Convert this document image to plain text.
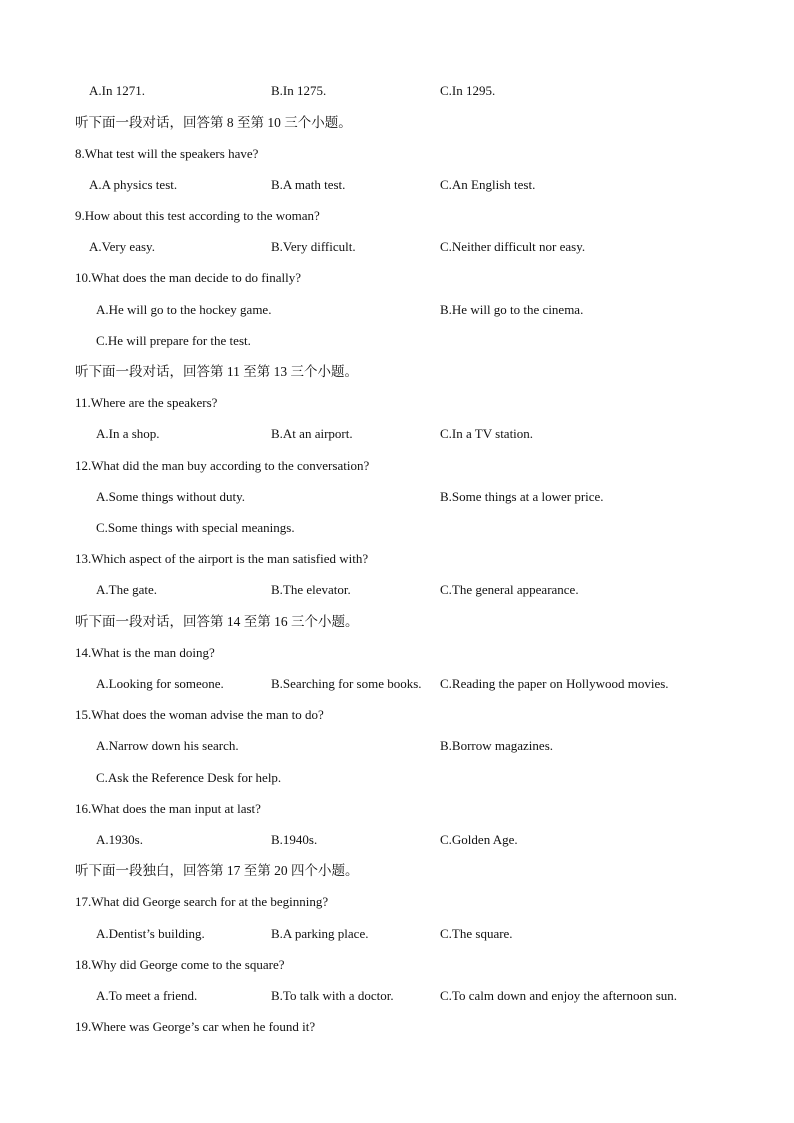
A.In 1271.	B.In 1275.	C.In 1295.
听下面一段对话，回答第 8 至第 10 三个小题。
8.What test will the speakers have?
A.A physics test.	B.A math test.	C.An English test.
9.How about this test according to the woman?
A.Very easy.	B.Very difficult.	C.Neither difficult nor easy.
10.What does the man decide to do finally?
A.He will go to the hockey game.	B.He will go to the cinema.
C.He will prepare for the test.
听下面一段对话，回答第 11 至第 13 三个小题。
11.Where are the speakers?
A.In a shop.	B.At an airport.	C.In a TV station.
12.What did the man buy according to the conversation?
A.Some things without duty.	B.Some things at a lower price.
C.Some things with special meanings.
13.Which aspect of the airport is the man satisfied with?
A.The gate.	B.The elevator.	C.The general appearance.
听下面一段对话，回答第 14 至第 16 三个小题。
14.What is the man doing?
A.Looking for someone.	B.Searching for some books. C.Reading the paper on Hollywood movies.
15.What does the woman advise the man to do?
A.Narrow down his search.	B.Borrow magazines.
C.Ask the Reference Desk for help.
16.What does the man input at last?
A.1930s.	B.1940s.	C.Golden Age.
听下面一段独白，回答第 17 至第 20 四个小题。
17.What did George search for at the beginning?
A.Dentist’s building.	B.A parking place.	C.The square.
18.Why did George come to the square?
A.To meet a friend.	B.To talk with a doctor.	C.To calm down and enjoy the afternoon sun.
19.Where was George’s car when he found it?
